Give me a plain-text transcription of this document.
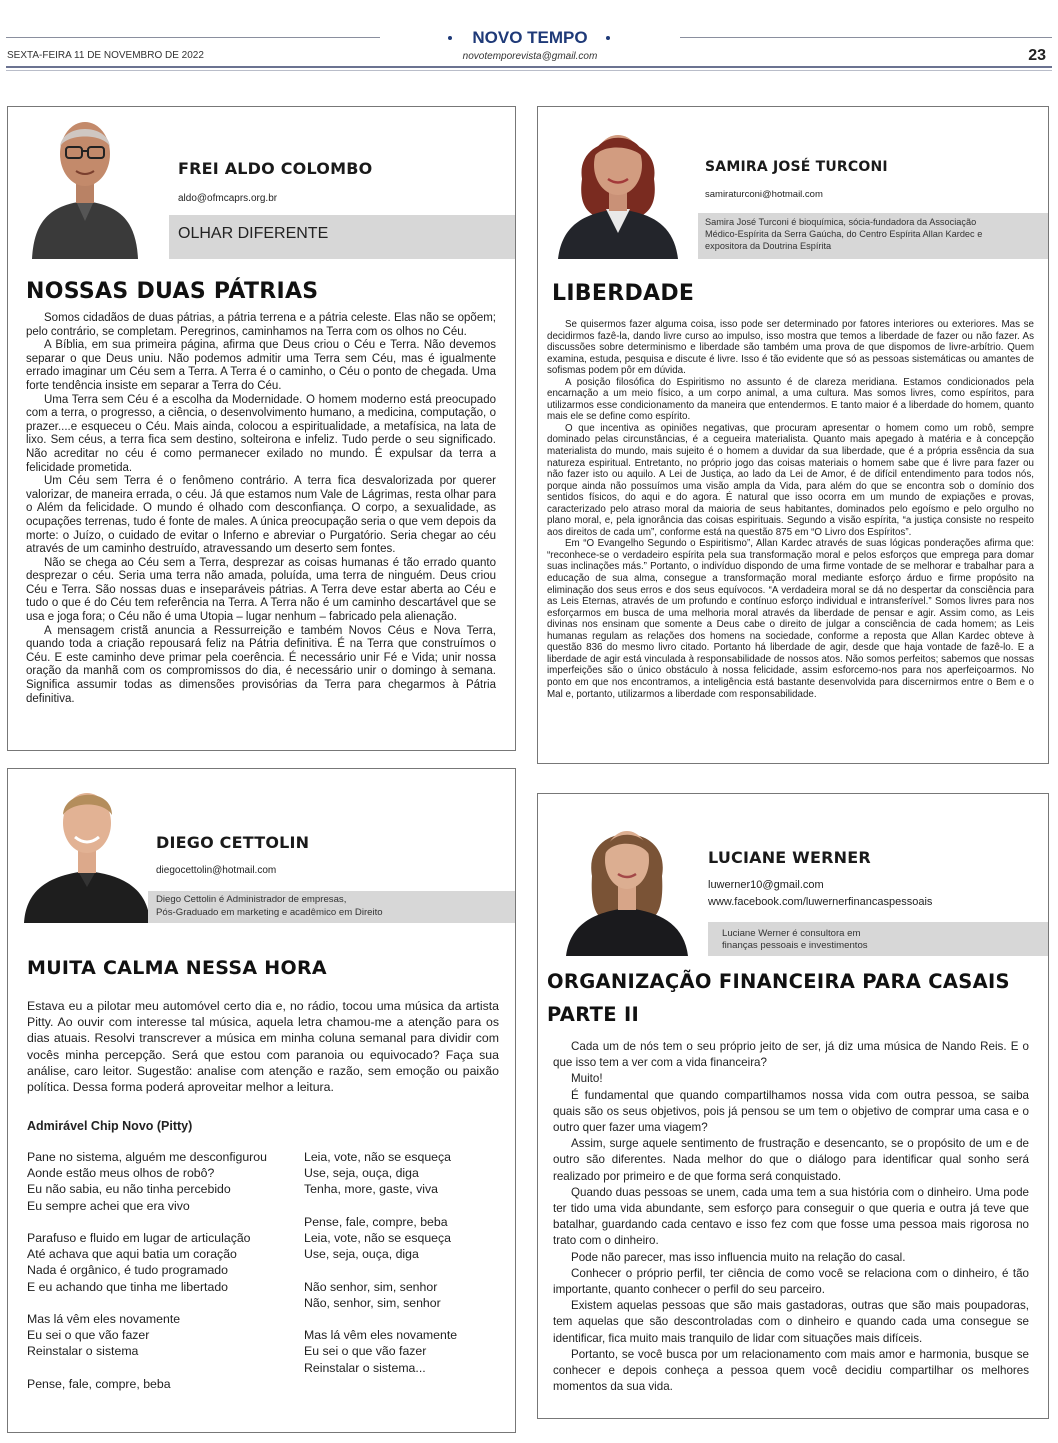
NOVO TEMPO
novotemporevista@gmail.com
SEXTA-FEIRA 11 DE NOVEMBRO DE 2022	23
FREI ALDO COLOMBO
aldo@ofmcaprs.org.br
OLHAR DIFERENTE
NOSSAS DUAS PÁTRIAS

Somos cidadãos de duas pátrias, a pátria terrena e a pátria celeste. Elas não se opõem; pelo contrário, se completam. Peregrinos, caminhamos na Terra com os olhos no Céu.

A Bíblia, em sua primeira página, afirma que Deus criou o Céu e Terra. Não devemos separar o que Deus uniu. Não podemos admitir uma Terra sem Céu, mas é igualmente errado imaginar um Céu sem a Terra. A Terra é o caminho, o Céu o ponto de chegada. Uma forte tendência insiste em separar a Terra do Céu.

Uma Terra sem Céu é a escolha da Modernidade. O homem moderno está preocupado com a terra, o progresso, a ciência, o desenvolvimento humano, a medicina, computação, o prazer....e esqueceu o Céu. Mais ainda, colocou a espiritualidade, a metafísica, na lata de lixo. Sem céus, a terra fica sem destino, solteirona e infeliz. Tudo perde o seu significado. Não acreditar no céu é como permanecer exilado no mundo. É expulsar da terra a felicidade prometida.

Um Céu sem Terra é o fenômeno contrário. A terra fica desvalorizada por querer valorizar, de maneira errada, o céu. Já que estamos num Vale de Lágrimas, resta olhar para o Além da felicidade. O mundo é olhado com desconfiança. O corpo, a sexualidade, as ocupações terrenas, tudo é fonte de males. A única preocupação seria o que vem depois da morte: o Juízo, o cuidado de evitar o Inferno e abreviar o Purgatório. Seria chegar ao céu através de um caminho destruído, atravessando um deserto sem fontes.

Não se chega ao Céu sem a Terra, desprezar as coisas humanas é tão errado quanto desprezar o céu. Seria uma terra não amada, poluída, uma terra de ninguém. Deus criou Céu e Terra. São nossas duas e inseparáveis pátrias. A Terra deve estar aberta ao Céu e tudo o que é do Céu tem referência na Terra. A Terra não é um caminho descartável que se usa e joga fora; o Céu não é uma Utopia – lugar nenhum – fabricado pela alienação.

A mensagem cristã anuncia a Ressurreição e também Novos Céus e Nova Terra, quando toda a criação repousará feliz na Pátria definitiva. É na Terra que construímos o Céu. E este caminho deve primar pela coerência. É necessário unir Fé e Vida; unir nossa oração da manhã com os compromissos do dia, é necessário unir o domingo à semana. Significa assumir todas as dimensões provisórias da Terra para chegarmos à Pátria definitiva.

SAMIRA JOSÉ TURCONI
samiraturconi@hotmail.com
Samira José Turconi é bioquímica, sócia-fundadora da Associação Médico-Espírita da Serra Gaúcha, do Centro Espírita Allan Kardec e expositora da Doutrina Espírita
LIBERDADE

Se quisermos fazer alguma coisa, isso pode ser determinado por fatores interiores ou exteriores. Mas se decidirmos fazê-la, dando livre curso ao impulso, isso mostra que temos a liberdade de fazer ou não fazer. As discussões sobre determinismo e liberdade são também uma prova de que dispomos de livre-arbítrio. Quem examina, estuda, pesquisa e discute é livre. Isso é tão evidente que só as pessoas sistemáticas ou amantes de sofismas podem pôr em dúvida.

A posição filosófica do Espiritismo no assunto é de clareza meridiana. Estamos condicionados pela encarnação a um meio físico, a um corpo animal, a uma cultura. Mas somos livres, como espíritos, para utilizarmos esse condicionamento da maneira que entendermos. E tanto maior é a liberdade do homem, quanto mais ele se define como espírito.

O que incentiva as opiniões negativas, que procuram apresentar o homem como um robô, sempre dominado pelas circunstâncias, é a cegueira materialista. Quanto mais apegado à matéria e à concepção materialista do mundo, mais sujeito é o homem a duvidar da sua liberdade, que é a própria essência da sua natureza espiritual. Entretanto, no próprio jogo das coisas materiais o homem sabe que é livre para fazer ou não fazer isto ou aquilo. A Lei de Justiça, ao lado da Lei de Amor, é de difícil entendimento para todos nós, porque ainda não possuímos uma visão ampla da Vida, para além do que se encontra sob o domínio dos sentidos físicos, do aqui e do agora. É natural que isso ocorra em um mundo de expiações e provas, caracterizado pelo atraso moral da maioria de seus habitantes, dominados pelo egoísmo e pelo orgulho no plano moral, e, pela ignorância das coisas espirituais. Segundo a visão espírita, “a justiça consiste no respeito aos direitos de cada um”, conforme está na questão 875 em “O Livro dos Espíritos”.

Em “O Evangelho Segundo o Espiritismo”, Allan Kardec através de suas lógicas ponderações afirma que: “reconhece-se o verdadeiro espírita pela sua transformação moral e pelos esforços que emprega para domar suas inclinações más.” Portanto, o indivíduo dispondo de uma firme vontade de se melhorar e trabalhar para a educação de sua alma, consegue a transformação moral mediante esforço árduo e firme propósito na eliminação dos seus erros e dos seus equívocos. “A verdadeira moral se dá no despertar da consciência para as Leis Eternas, através de um profundo e contínuo esforço individual e intransferível.” Somos livres para nos esforçarmos em busca de uma melhoria moral através da liberdade de pensar e agir. Assim como, as Leis divinas nos ensinam que somente a Deus cabe o direito de julgar a consciência de cada homem; as Leis humanas regulam as relações dos homens na sociedade, conforme a reposta que Allan Kardec obteve à questão 836 do mesmo livro citado. Portanto há liberdade de agir, desde que haja vontade de fazê-lo. E a liberdade de agir está vinculada à responsabilidade de nossos atos. Não somos perfeitos; sabemos que nossas imperfeições são o único obstáculo à nossa felicidade, assim esforcemo-nos para nos aperfeiçoarmos. No ponto em que nos encontramos, a inteligência está bastante desenvolvida para discernirmos entre o Bem e o Mal e, portanto, utilizarmos a liberdade com responsabilidade.

DIEGO CETTOLIN
diegocettolin@hotmail.com
Diego Cettolin é Administrador de empresas,
Pós-Graduado em marketing e acadêmico em Direito
MUITA CALMA NESSA HORA
Estava eu a pilotar meu automóvel certo dia e, no rádio, tocou uma música da artista Pitty. Ao ouvir com interesse tal música, aquela letra chamou-me a atenção para os dias atuais. Resolvi transcrever a música em minha coluna semanal para dividir com vocês minha percepção. Será que estou com paranoia ou equivocado? Faça sua análise, caro leitor. Sugestão: analise com atenção e razão, sem emoção ou paixão política. Dessa forma poderá aproveitar melhor a leitura.
Admirável Chip Novo (Pitty)
Pane no sistema, alguém me desconfigurou
Aonde estão meus olhos de robô?
Eu não sabia, eu não tinha percebido
Eu sempre achei que era vivo
Parafuso e fluido em lugar de articulação
Até achava que aqui batia um coração
Nada é orgânico, é tudo programado
E eu achando que tinha me libertado
Mas lá vêm eles novamente
Eu sei o que vão fazer
Reinstalar o sistema
Pense, fale, compre, beba
Leia, vote, não se esqueça
Use, seja, ouça, diga
Tenha, more, gaste, viva
Pense, fale, compre, beba
Leia, vote, não se esqueça
Use, seja, ouça, diga
Não senhor, sim, senhor
Não, senhor, sim, senhor
Mas lá vêm eles novamente
Eu sei o que vão fazer
Reinstalar o sistema...
LUCIANE WERNER
luwerner10@gmail.com
www.facebook.com/luwernerfinancaspessoais
Luciane Werner é consultora em
finanças pessoais e investimentos
ORGANIZAÇÃO FINANCEIRA PARA CASAIS
PARTE II

Cada um de nós tem o seu próprio jeito de ser, já diz uma música de Nando Reis. E o que isso tem a ver com a vida financeira?

Muito!

É fundamental que quando compartilhamos nossa vida com outra pessoa, se saiba quais são os seus objetivos, pois já pensou se um tem o objetivo de comprar uma casa e o outro quer fazer uma viagem?

Assim, surge aquele sentimento de frustração e desencanto, se o propósito de um e de outro são diferentes. Nada melhor do que o diálogo para identificar qual sonho será realizado por primeiro e de que forma será conquistado.

Quando duas pessoas se unem, cada uma tem a sua história com o dinheiro. Uma pode ter tido uma vida abundante, sem esforço para conseguir o que queria e outra já teve que batalhar, guardando cada centavo e isso fez com que fosse uma pessoa mais rigorosa no trato com o dinheiro.

Pode não parecer, mas isso influencia muito na relação do casal.

Conhecer o próprio perfil, ter ciência de como você se relaciona com o dinheiro, é tão importante, quanto conhecer o perfil do seu parceiro.

Existem aquelas pessoas que são mais gastadoras, outras que são mais poupadoras, tem aquelas que são descontroladas com o dinheiro e quando cada uma consegue se identificar, fica muito mais tranquilo de lidar com situações mais difíceis.

Portanto, se você busca por um relacionamento com mais amor e harmonia, busque se conhecer e depois conheça a pessoa quem você decidiu compartilhar os melhores momentos da sua vida.
